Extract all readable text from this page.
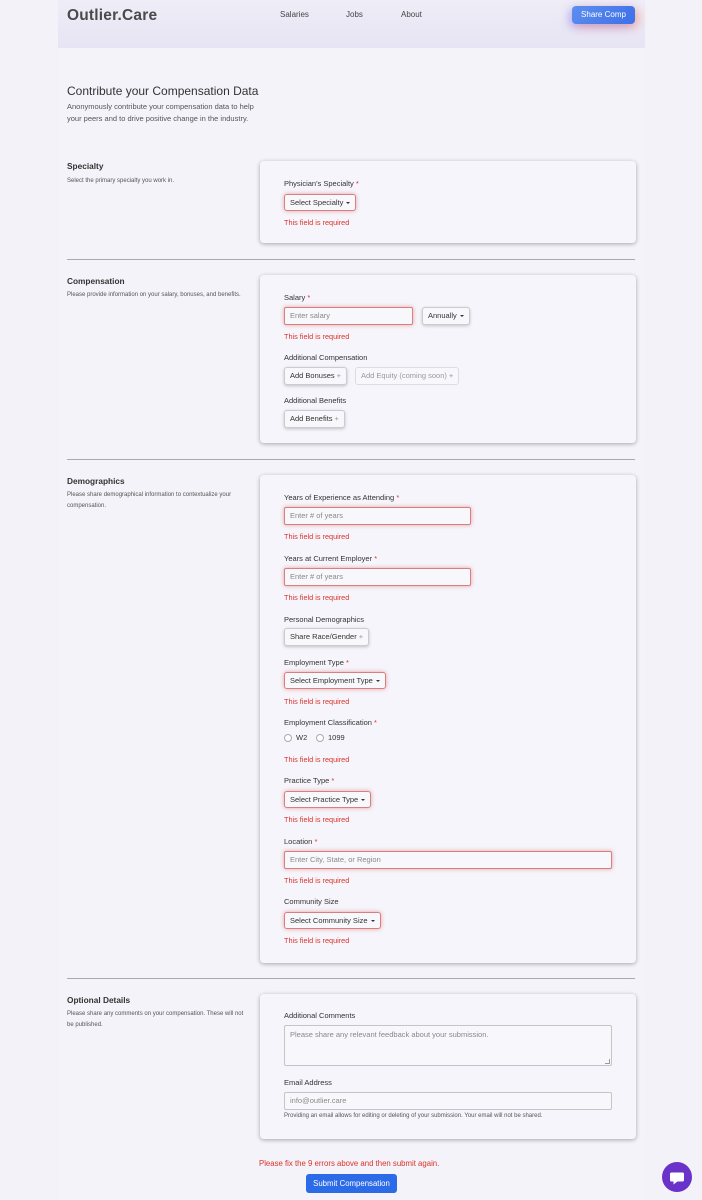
Outlier.Care	Salaries	Jobs	About	Share Comp
Contribute your Compensation Data
Anonymously contribute your compensation data to help your peers and to drive positive change in the industry.
Specialty
Select the primary specialty you work in.	Physician's Specialty *
Select Specialty
This field is required
Compensation
Please provide information on your salary, bonuses, and benefits.	Salary *
Enter salary	Annually
This field is required
Additional Compensation
Add Bonuses +	Add Equity (coming soon) +
Additional Benefits
Add Benefits +
Demographics
Please share demographical information to contextualize your compensation.
Years of Experience as Attending *
Enter # of years
This field is required
Years at Current Employer *
Enter # of years
This field is required
Personal Demographics
Share Race/Gender +
Employment Type *
Select Employment Type
This field is required
Employment Classification *
W2	1099
This field is required
Practice Type *
Select Practice Type
This field is required
Location *
Enter City, State, or Region
This field is required
Community Size
Select Community Size
This field is required
Optional Details
Please share any comments on your compensation. These will not be published.
Additional Comments
Please share any relevant feedback about your submission.
Email Address
info@outlier.care
Providing an email allows for editing or deleting of your submission. Your email will not be shared.
Please fix the 9 errors above and then submit again.
Submit Compensation
